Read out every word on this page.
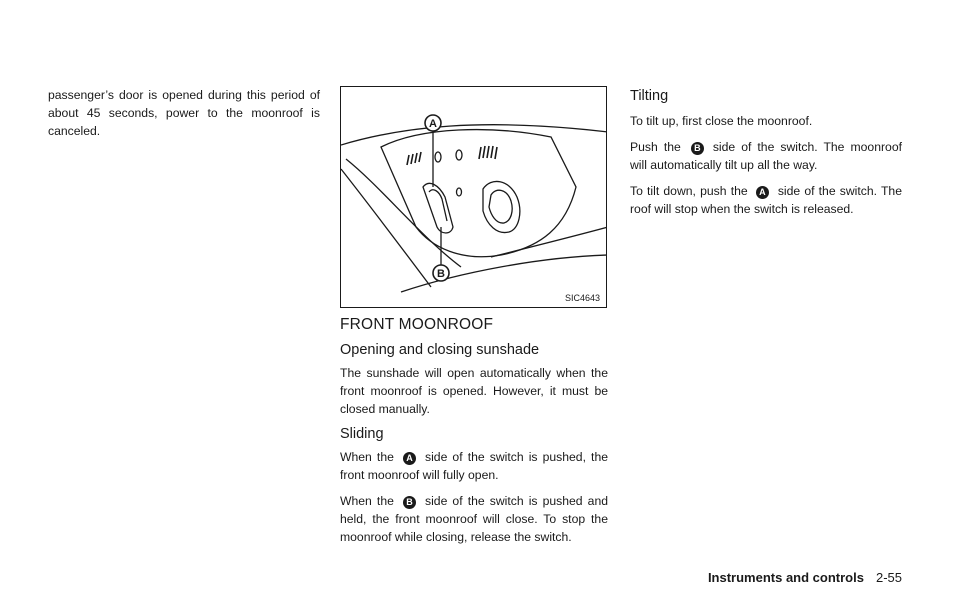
passenger’s door is opened during this period of about 45 seconds, power to the moonroof is canceled.	A
B
SIC4643
FRONT MOONROOF
Opening and closing sunshade

The sunshade will open automatically when the front moonroof is opened. However, it must be closed manually.

Sliding

When the A side of the switch is pushed, the front moonroof will fully open.

When the B side of the switch is pushed and held, the front moonroof will close. To stop the moonroof while closing, release the switch.

Tilting

To tilt up, first close the moonroof.

Push the B side of the switch. The moonroof will automatically tilt up all the way.

To tilt down, push the A side of the switch. The roof will stop when the switch is released.

Instruments and controls 2-55
